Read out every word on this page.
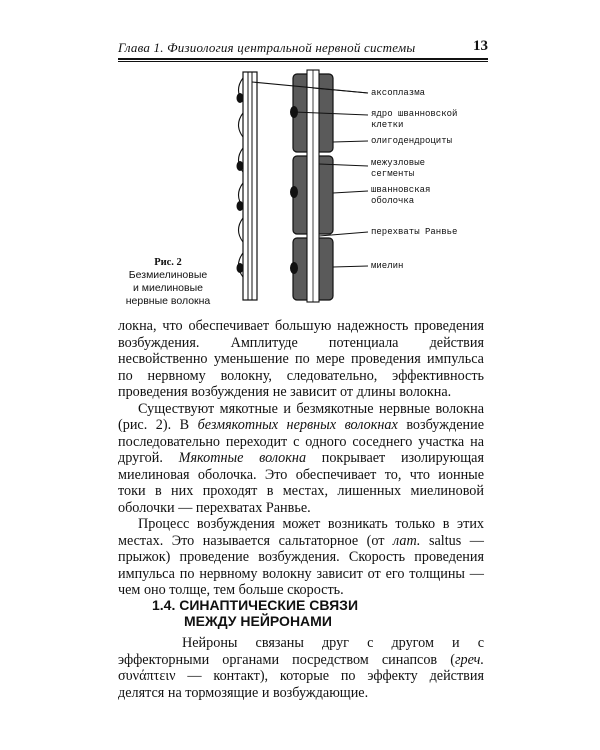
Глава 1. Физиология центральной нервной системы	13
аксоплазма
ядро шванновской
клетки
олигодендроциты
межузловые
сегменты
шванновская
оболочка
перехваты Ранвье
миелин
Рис. 2
Безмиелиновые
и миелиновые
нервные волокна

локна, что обеспечивает большую надежность проведения возбуждения. Амплитуде потенциала действия несвойственно уменьшение по мере проведения импульса по нервному волокну, следовательно, эффективность проведения возбуждения не зависит от длины волокна.

Существуют мякотные и безмякотные нервные волокна (рис. 2). В безмякотных нервных волокнах возбуждение последовательно переходит с одного соседнего участка на другой. Мякотные волокна покрывает изолирующая миелиновая оболочка. Это обеспечивает то, что ионные токи в них проходят в местах, лишенных миелиновой оболочки — перехватах Ранвье.

Процесс возбуждения может возникать только в этих местах. Это называется сальтаторное (от лат. saltus — прыжок) проведение возбуждения. Скорость проведения импульса по нервному волокну зависит от его толщины — чем оно толще, тем больше скорость.

1.4. СИНАПТИЧЕСКИЕ СВЯЗИ
МЕЖДУ НЕЙРОНАМИ

Нейроны связаны друг с другом и с эффекторными органами посредством синапсов (греч. συνάπτειν — контакт), которые по эффекту действия делятся на тормозящие и возбуждающие.
